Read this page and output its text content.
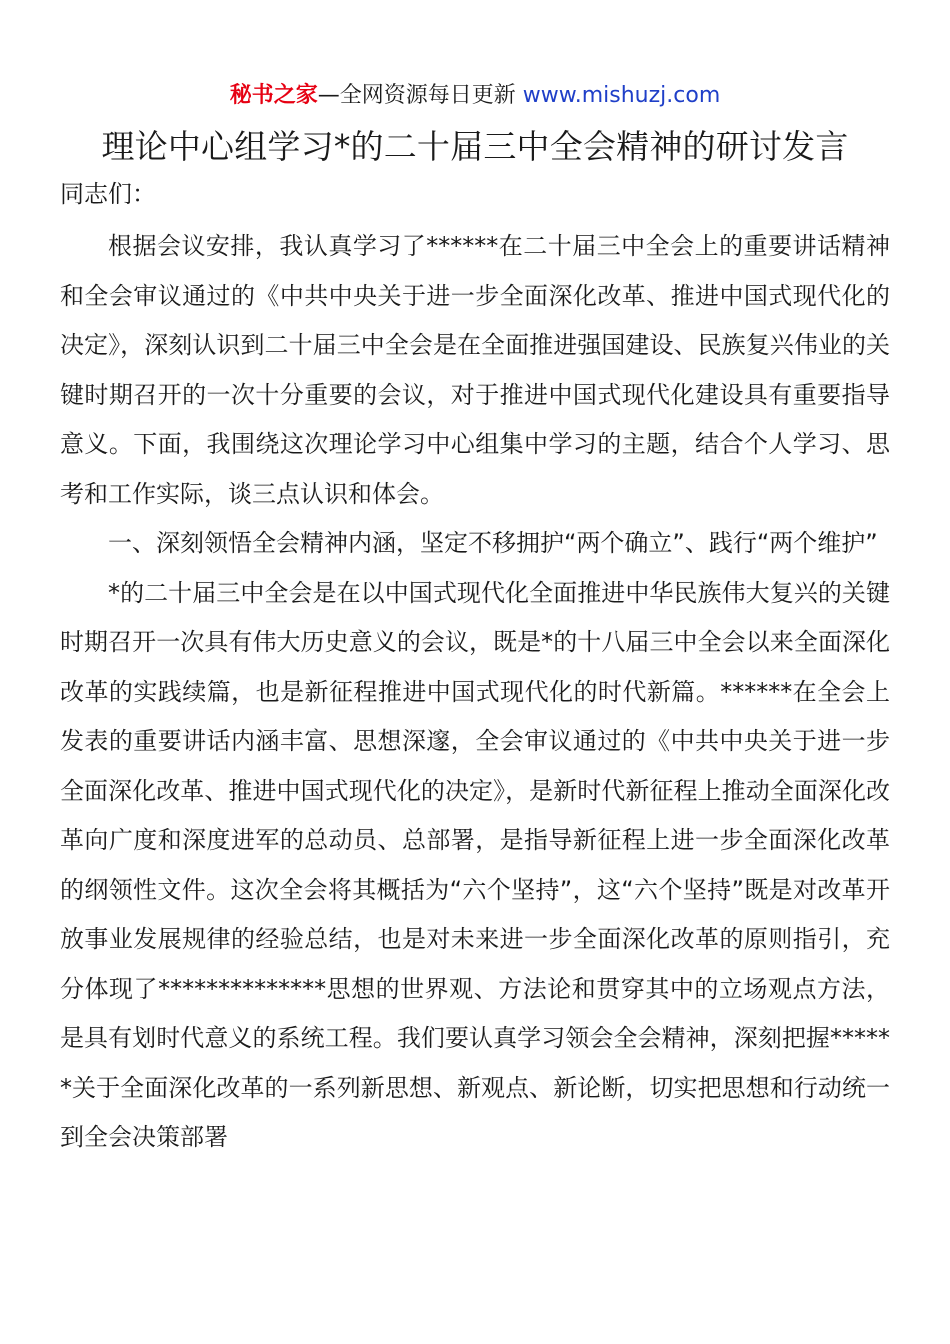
秘书之家—全网资源每日更新 www.mishuzj.com
理论中心组学习*的二十届三中全会精神的研讨发言
同志们：

根据会议安排，我认真学习了******在二十届三中全会上的重要讲话精神和全会审议通过的《中共中央关于进一步全面深化改革、推进中国式现代化的决定》，深刻认识到二十届三中全会是在全面推进强国建设、民族复兴伟业的关键时期召开的一次十分重要的会议，对于推进中国式现代化建设具有重要指导意义。下面，我围绕这次理论学习中心组集中学习的主题，结合个人学习、思考和工作实际，谈三点认识和体会。

一、深刻领悟全会精神内涵，坚定不移拥护“两个确立”、践行“两个维护”

*的二十届三中全会是在以中国式现代化全面推进中华民族伟大复兴的关键时期召开一次具有伟大历史意义的会议，既是*的十八届三中全会以来全面深化改革的实践续篇，也是新征程推进中国式现代化的时代新篇。******在全会上发表的重要讲话内涵丰富、思想深邃，全会审议通过的《中共中央关于进一步全面深化改革、推进中国式现代化的决定》，是新时代新征程上推动全面深化改革向广度和深度进军的总动员、总部署，是指导新征程上进一步全面深化改革的纲领性文件。这次全会将其概括为“六个坚持”，这“六个坚持”既是对改革开放事业发展规律的经验总结，也是对未来进一步全面深化改革的原则指引，充分体现了**************思想的世界观、方法论和贯穿其中的立场观点方法，是具有划时代意义的系统工程。我们要认真学习领会全会精神，深刻把握******关于全面深化改革的一系列新思想、新观点、新论断，切实把思想和行动统一到全会决策部署
